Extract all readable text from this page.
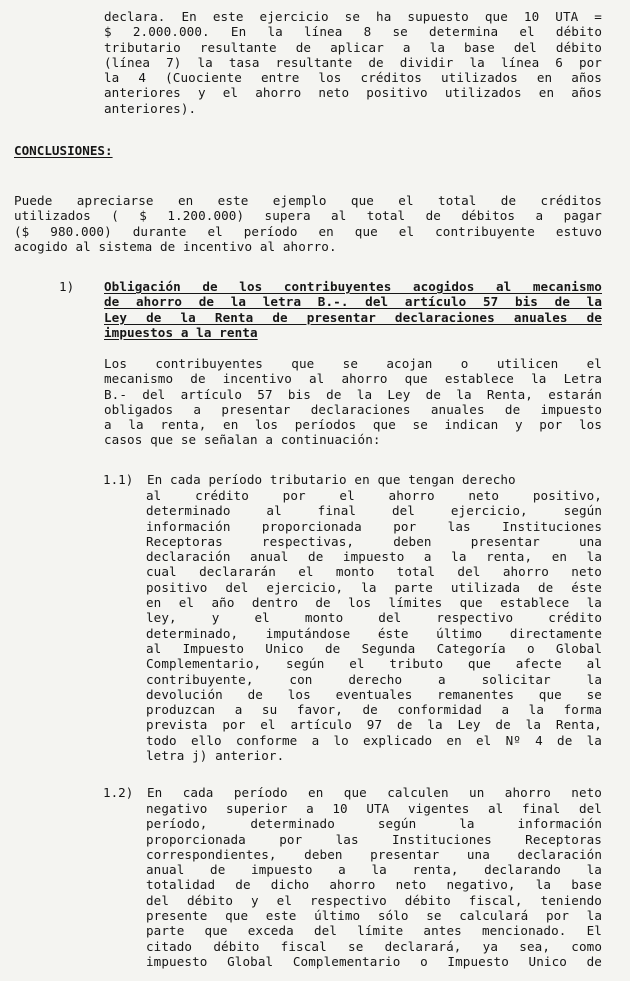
declara. En este ejercicio se ha supuesto que 10 UTA =
$ 2.000.000. En la línea 8 se determina el débito
tributario resultante de aplicar a la base del débito
(línea 7) la tasa resultante de dividir la línea 6 por
la 4 (Cuociente entre los créditos utilizados en años
anteriores y el ahorro neto positivo utilizados en años
anteriores).
CONCLUSIONES:
Puede apreciarse en este ejemplo que el total de créditos
utilizados ( $ 1.200.000) supera al total de débitos a pagar
($ 980.000) durante el período en que el contribuyente estuvo
acogido al sistema de incentivo al ahorro.
1) Obligación de los contribuyentes acogidos al mecanismo
de ahorro de la letra B.-. del artículo 57 bis de la
Ley de la Renta de presentar declaraciones anuales de
impuestos a la renta
Los contribuyentes que se acojan o utilicen el
mecanismo de incentivo al ahorro que establece la Letra
B.- del artículo 57 bis de la Ley de la Renta, estarán
obligados a presentar declaraciones anuales de impuesto
a la renta, en los períodos que se indican y por los
casos que se señalan a continuación:
1.1) En cada período tributario en que tengan derecho
al crédito por el ahorro neto positivo,
determinado al final del ejercicio, según
información proporcionada por las Instituciones
Receptoras respectivas, deben presentar una
declaración anual de impuesto a la renta, en la
cual declararán el monto total del ahorro neto
positivo del ejercicio, la parte utilizada de éste
en el año dentro de los límites que establece la
ley, y el monto del respectivo crédito
determinado, imputándose éste último directamente
al Impuesto Unico de Segunda Categoría o Global
Complementario, según el tributo que afecte al
contribuyente, con derecho a solicitar la
devolución de los eventuales remanentes que se
produzcan a su favor, de conformidad a la forma
prevista por el artículo 97 de la Ley de la Renta,
todo ello conforme a lo explicado en el Nº 4 de la
letra j) anterior.
1.2) En cada período en que calculen un ahorro neto
negativo superior a 10 UTA vigentes al final del
período, determinado según la información
proporcionada por las Instituciones Receptoras
correspondientes, deben presentar una declaración
anual de impuesto a la renta, declarando la
totalidad de dicho ahorro neto negativo, la base
del débito y el respectivo débito fiscal, teniendo
presente que este último sólo se calculará por la
parte que exceda del límite antes mencionado. El
citado débito fiscal se declarará, ya sea, como
impuesto Global Complementario o Impuesto Unico de
